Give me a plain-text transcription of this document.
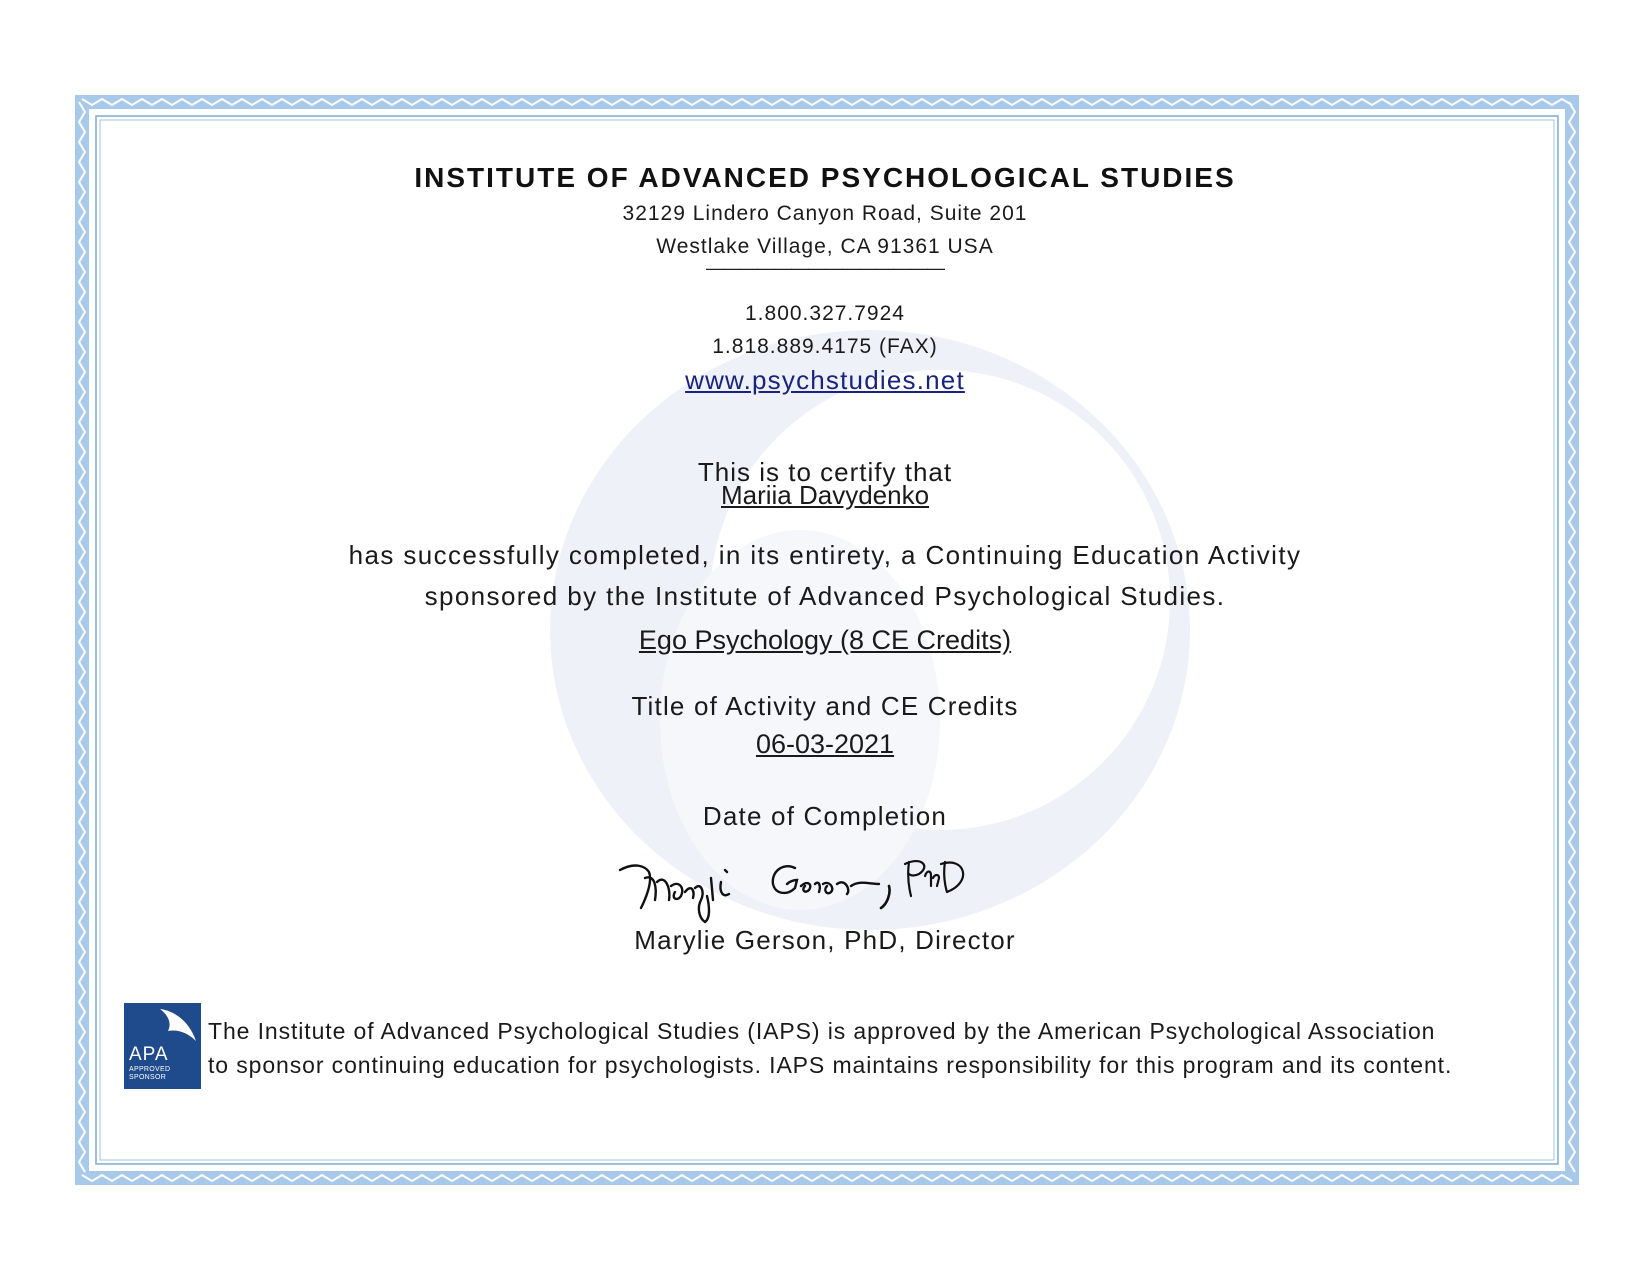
INSTITUTE OF ADVANCED PSYCHOLOGICAL STUDIES
32129 Lindero Canyon Road, Suite 201
Westlake Village, CA 91361 USA
——————————————
1.800.327.7924
1.818.889.4175 (FAX)
www.psychstudies.net
This is to certify that
Mariia Davydenko
has successfully completed, in its entirety, a Continuing Education Activity
sponsored by the Institute of Advanced Psychological Studies.
Ego Psychology (8 CE Credits)
Title of Activity and CE Credits
06-03-2021
Date of Completion
Marylie Gerson, PhD, Director
APA
APPROVED SPONSOR
The Institute of Advanced Psychological Studies (IAPS) is approved by the American Psychological Association
to sponsor continuing education for psychologists. IAPS maintains responsibility for this program and its content.
